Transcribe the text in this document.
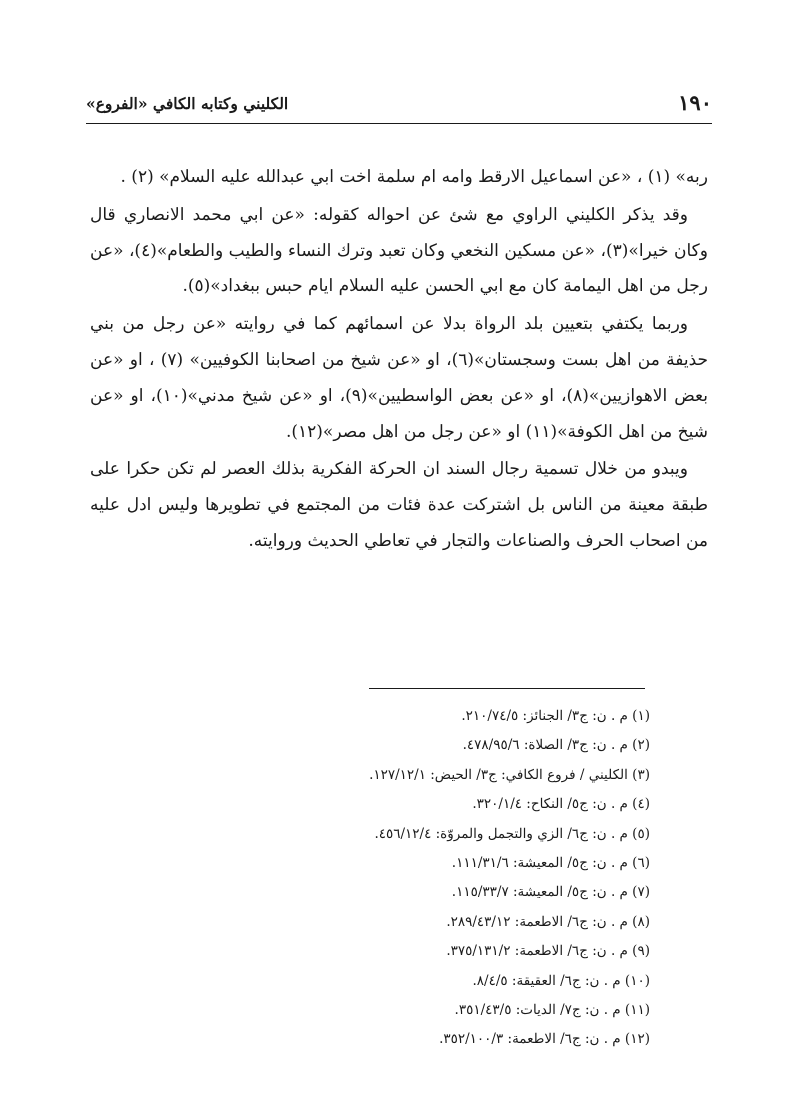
١٩٠
الكليني وكتابه الكافي «الفروع»

ربه» (١) ، «عن اسماعيل الارقط وامه ام سلمة اخت ابي عبدالله عليه السلام» (٢) .

وقد يذكر الكليني الراوي مع شئ عن احواله كقوله: «عن ابي محمد الانصاري قال وكان خيرا»(٣)، «عن مسكين النخعي وكان تعبد وترك النساء والطيب والطعام»(٤)، «عن رجل من اهل اليمامة كان مع ابي الحسن عليه السلام ايام حبس ببغداد»(٥).

وربما يكتفي بتعيين بلد الرواة بدلا عن اسمائهم كما في روايته «عن رجل من بني حذيفة من اهل بست وسجستان»(٦)، او «عن شيخ من اصحابنا الكوفيين» (٧) ، او «عن بعض الاهوازيين»(٨)، او «عن بعض الواسطيين»(٩)، او «عن شيخ مدني»(١٠)، او «عن شيخ من اهل الكوفة»(١١) او «عن رجل من اهل مصر»(١٢).

ويبدو من خلال تسمية رجال السند ان الحركة الفكرية بذلك العصر لم تكن حكرا على طبقة معينة من الناس بل اشتركت عدة فئات من المجتمع في تطويرها وليس ادل عليه من اصحاب الحرف والصناعات والتجار في تعاطي الحديث وروايته.

(١) م . ن: ج٣/ الجنائز: ٢١٠/٧٤/٥.
(٢) م . ن: ج٣/ الصلاة: ٤٧٨/٩٥/٦.
(٣) الكليني / فروع الكافي: ج٣/ الحيض: ١٢٧/١٢/١.
(٤) م . ن: ج٥/ النكاح: ٣٢٠/١/٤.
(٥) م . ن: ج٦/ الزي والتجمل والمروّة: ٤٥٦/١٢/٤.
(٦) م . ن: ج٥/ المعيشة: ١١١/٣١/٦.
(٧) م . ن: ج٥/ المعيشة: ١١٥/٣٣/٧.
(٨) م . ن: ج٦/ الاطعمة: ٢٨٩/٤٣/١٢.
(٩) م . ن: ج٦/ الاطعمة: ٣٧٥/١٣١/٢.
(١٠) م . ن: ج٦/ العقيقة: ٨/٤/٥.
(١١) م . ن: ج٧/ الديات: ٣٥١/٤٣/٥.
(١٢) م . ن: ج٦/ الاطعمة: ٣٥٢/١٠٠/٣.
